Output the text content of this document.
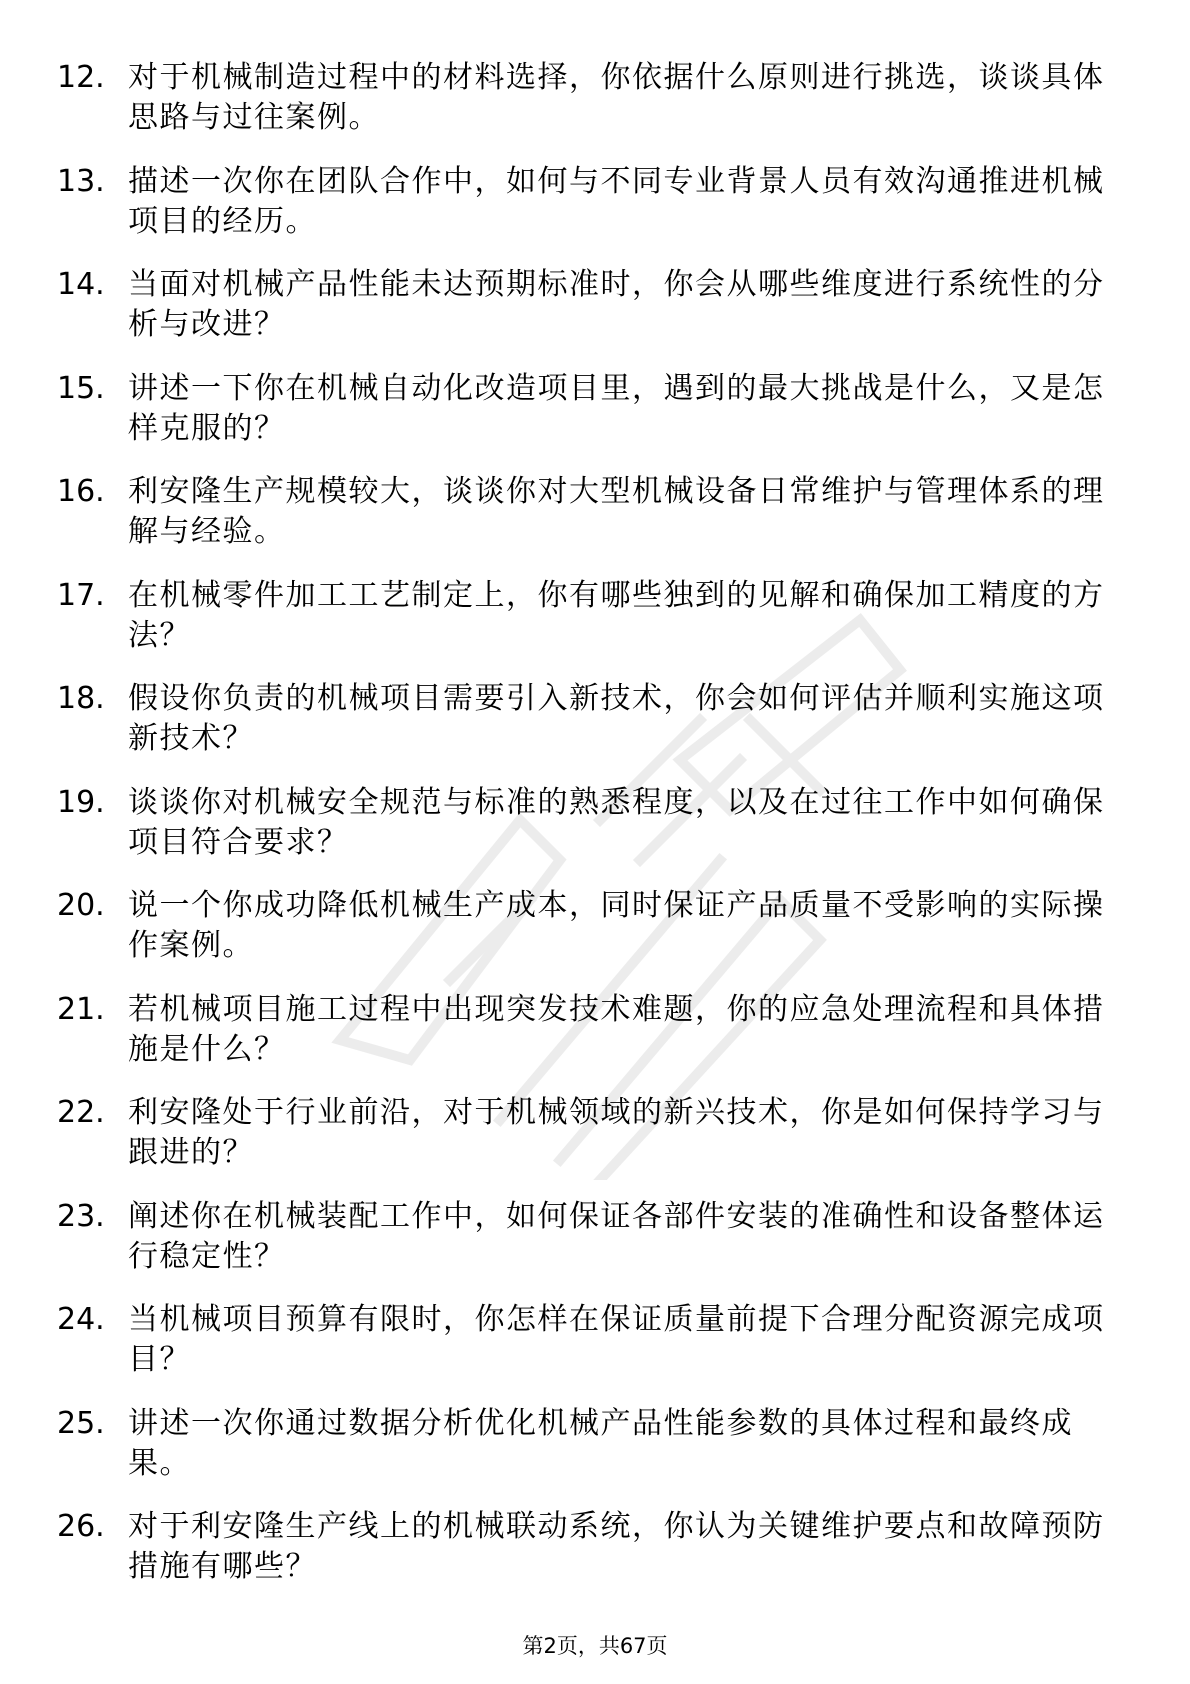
12. 对于机械制造过程中的材料选择，你依据什么原则进行挑选，谈谈具体思路与过往案例。
13. 描述一次你在团队合作中，如何与不同专业背景人员有效沟通推进机械项目的经历。
14. 当面对机械产品性能未达预期标准时，你会从哪些维度进行系统性的分析与改进？
15. 讲述一下你在机械自动化改造项目里，遇到的最大挑战是什么，又是怎样克服的？
16. 利安隆生产规模较大，谈谈你对大型机械设备日常维护与管理体系的理解与经验。
17. 在机械零件加工工艺制定上，你有哪些独到的见解和确保加工精度的方法？
18. 假设你负责的机械项目需要引入新技术，你会如何评估并顺利实施这项新技术？
19. 谈谈你对机械安全规范与标准的熟悉程度，以及在过往工作中如何确保项目符合要求？
20. 说一个你成功降低机械生产成本，同时保证产品质量不受影响的实际操作案例。
21. 若机械项目施工过程中出现突发技术难题，你的应急处理流程和具体措施是什么？
22. 利安隆处于行业前沿，对于机械领域的新兴技术，你是如何保持学习与跟进的？
23. 阐述你在机械装配工作中，如何保证各部件安装的准确性和设备整体运行稳定性？
24. 当机械项目预算有限时，你怎样在保证质量前提下合理分配资源完成项目？
25. 讲述一次你通过数据分析优化机械产品性能参数的具体过程和最终成果。
26. 对于利安隆生产线上的机械联动系统，你认为关键维护要点和故障预防措施有哪些？
第2页，共67页
